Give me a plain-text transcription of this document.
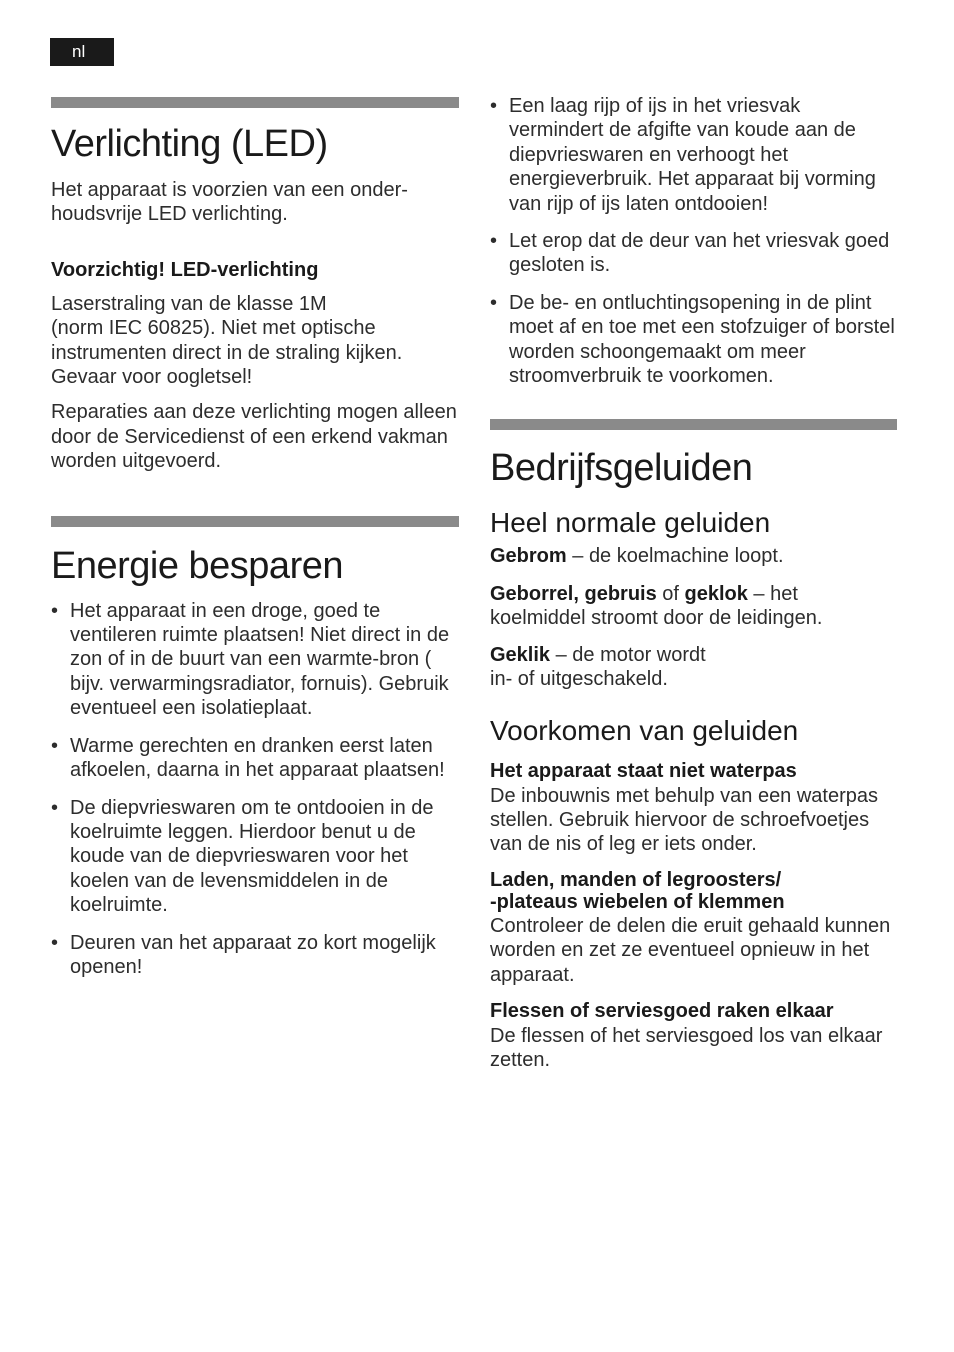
nl
Verlichting (LED)

Het apparaat is voorzien van een onder-
houdsvrije LED verlichting.

Voorzichtig! LED-verlichting

Laserstraling van de klasse 1M
(norm IEC 60825). Niet met optische instrumenten direct in de straling kijken. Gevaar voor oogletsel!

Reparaties aan deze verlichting mogen alleen door de Servicedienst of een erkend vakman worden uitgevoerd.

Energie besparen
• Het apparaat in een droge, goed te ventileren ruimte plaatsen! Niet direct in de zon of in de buurt van een warmte-bron ( bijv. verwarmingsradiator, fornuis). Gebruik eventueel een isolatieplaat.
• Warme gerechten en dranken eerst laten afkoelen, daarna in het apparaat plaatsen!
• De diepvrieswaren om te ontdooien in de koelruimte leggen. Hierdoor benut u de koude van de diepvrieswaren voor het koelen van de levensmiddelen in de koelruimte.
• Deuren van het apparaat zo kort mogelijk openen!
• Een laag rijp of ijs in het vriesvak vermindert de afgifte van koude aan de diepvrieswaren en verhoogt het energieverbruik. Het apparaat bij vorming van rijp of ijs laten ontdooien!
• Let erop dat de deur van het vriesvak goed gesloten is.
• De be- en ontluchtingsopening in de plint moet af en toe met een stofzuiger of borstel worden schoongemaakt om meer stroomverbruik te voorkomen.
Bedrijfsgeluiden
Heel normale geluiden

Gebrom – de koelmachine loopt.

Geborrel, gebruis of geklok – het koelmiddel stroomt door de leidingen.

Geklik – de motor wordt
in- of uitgeschakeld.

Voorkomen van geluiden

Het apparaat staat niet waterpas

De inbouwnis met behulp van een waterpas stellen. Gebruik hiervoor de schroefvoetjes van de nis of leg er iets onder.

Laden, manden of legroosters/
-plateaus wiebelen of klemmen

Controleer de delen die eruit gehaald kunnen worden en zet ze eventueel opnieuw in het apparaat.

Flessen of serviesgoed raken elkaar

De flessen of het serviesgoed los van elkaar zetten.
